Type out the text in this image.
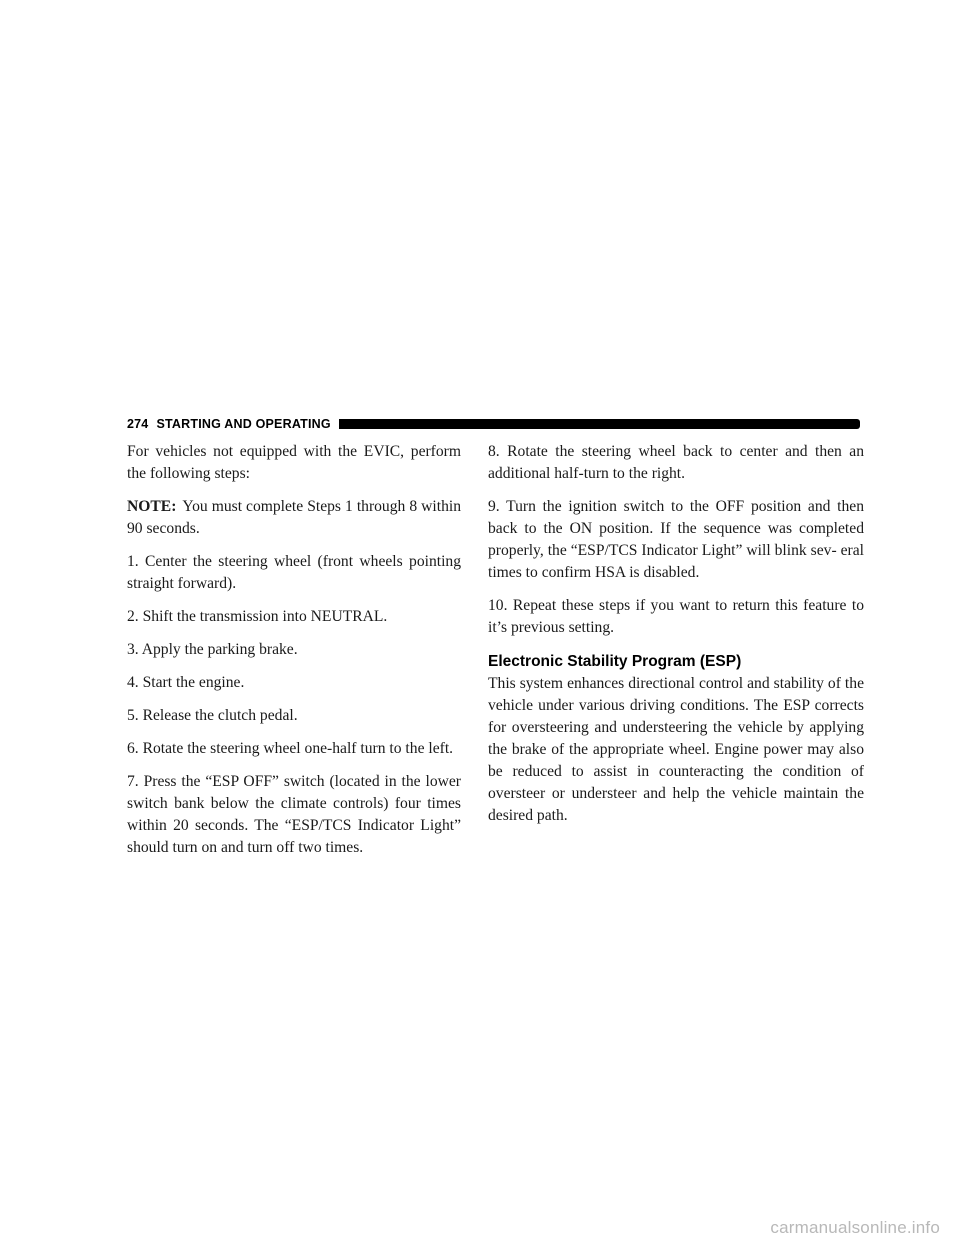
274 STARTING AND OPERATING

For vehicles not equipped with the EVIC, perform the following steps:

NOTE: You must complete Steps 1 through 8 within 90 seconds.

1. Center the steering wheel (front wheels pointing straight forward).

2. Shift the transmission into NEUTRAL.

3. Apply the parking brake.

4. Start the engine.

5. Release the clutch pedal.

6. Rotate the steering wheel one-half turn to the left.

7. Press the “ESP OFF” switch (located in the lower switch bank below the climate controls) four times within 20 seconds. The “ESP/TCS Indicator Light” should turn on and turn off two times.

8. Rotate the steering wheel back to center and then an additional half-turn to the right.

9. Turn the ignition switch to the OFF position and then back to the ON position. If the sequence was completed properly, the “ESP/TCS Indicator Light” will blink sev- eral times to confirm HSA is disabled.

10. Repeat these steps if you want to return this feature to it’s previous setting.

Electronic Stability Program (ESP)

This system enhances directional control and stability of the vehicle under various driving conditions. The ESP corrects for oversteering and understeering the vehicle by applying the brake of the appropriate wheel. Engine power may also be reduced to assist in counteracting the condition of oversteer or understeer and help the vehicle maintain the desired path.

carmanualsonline.info
